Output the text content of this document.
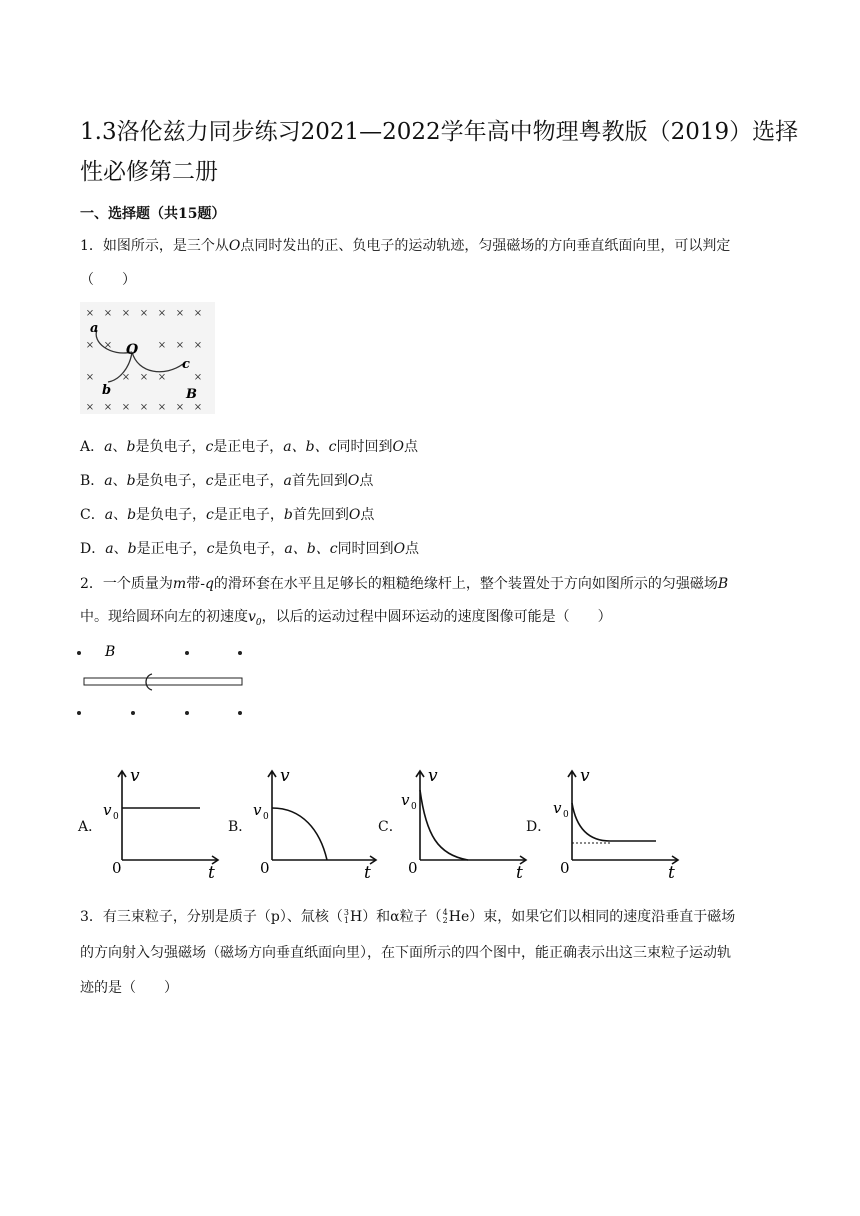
1.3洛伦兹力同步练习2021—2022学年高中物理粤教版（2019）选择性必修第二册
一、选择题（共15题）
1．如图所示，是三个从O点同时发出的正、负电子的运动轨迹，匀强磁场的方向垂直纸面向里，可以判定
（　　）
× × × × × × ×
× ×	× × ×
×	× × ×	×
× × × × × × ×
a
O
c
b	B
A．a、b是负电子，c是正电子，a、b、c同时回到O点
B．a、b是负电子，c是正电子，a首先回到O点
C．a、b是负电子，c是正电子，b首先回到O点
D．a、b是正电子，c是负电子，a、b、c同时回到O点
2．一个质量为m带-q的滑环套在水平且足够长的粗糙绝缘杆上，整个装置处于方向如图所示的匀强磁场B
中。现给圆环向左的初速度$v_0$，以后的运动过程中圆环运动的速度图像可能是（　　）
B
A．
v
v 0
0	t
B．
v
v 0
0	t
C．
v
v 0
0	t
D．
v
v 0
0	t
3．有三束粒子，分别是质子（p）、氚核（ 3
1 H）和α粒子（ 4
2 He）束，如果它们以相同的速度沿垂直于磁场
的方向射入匀强磁场（磁场方向垂直纸面向里），在下面所示的四个图中，能正确表示出这三束粒子运动轨
迹的是（　　）
